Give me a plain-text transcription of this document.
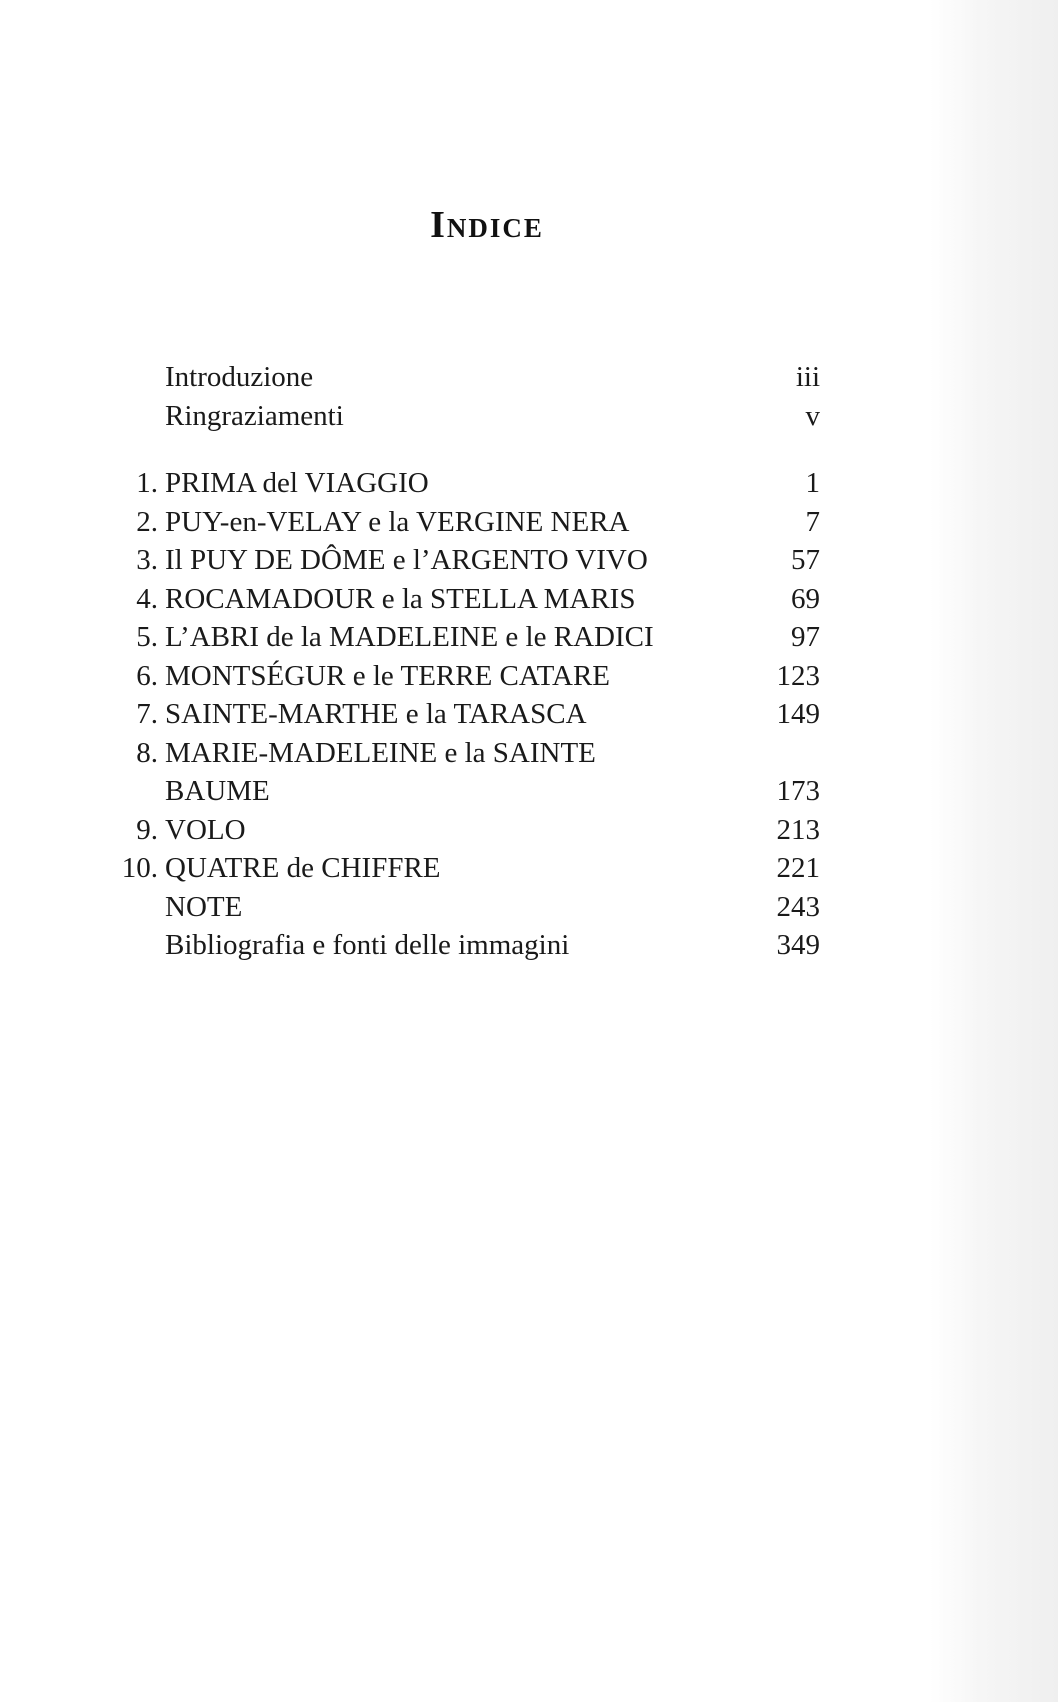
Indice
Introduzione	iii
Ringraziamenti	v
1. PRIMA del VIAGGIO	1
2. PUY-en-VELAY e la VERGINE NERA	7
3. Il PUY DE DÔME e l’ARGENTO VIVO	57
4. ROCAMADOUR e la STELLA MARIS	69
5. L’ABRI de la MADELEINE e le RADICI	97
6. MONTSÉGUR e le TERRE CATARE	123
7. SAINTE-MARTHE e la TARASCA	149
8. MARIE-MADELEINE e la SAINTE BAUME	173
9. VOLO	213
10. QUATRE de CHIFFRE	221
NOTE	243
Bibliografia e fonti delle immagini	349
